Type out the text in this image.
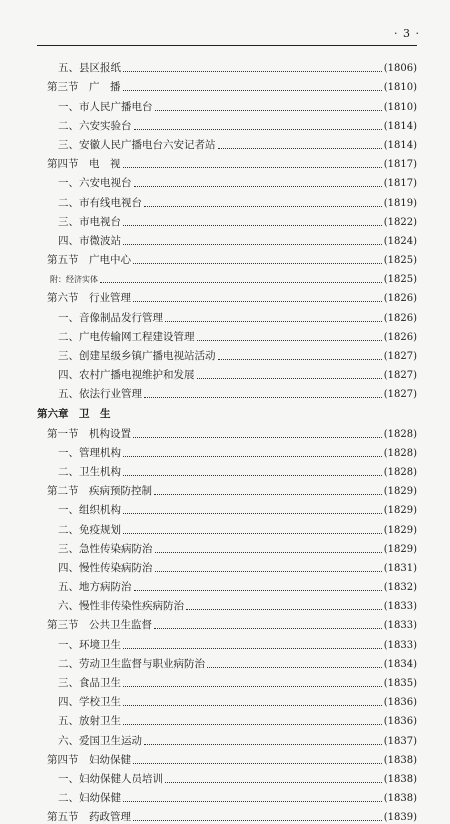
· 3 ·
五、县区报纸	(1806)
第三节　广　播	(1810)
一、市人民广播电台	(1810)
二、六安实验台	(1814)
三、安徽人民广播电台六安记者站	(1814)
第四节　电　视	(1817)
一、六安电视台	(1817)
二、市有线电视台	(1819)
三、市电视台	(1822)
四、市微波站	(1824)
第五节　广电中心	(1825)
附：经济实体	(1825)
第六节　行业管理	(1826)
一、音像制品发行管理	(1826)
二、广电传输网工程建设管理	(1826)
三、创建星级乡镇广播电视站活动	(1827)
四、农村广播电视维护和发展	(1827)
五、依法行业管理	(1827)
第六章　卫　生
第一节　机构设置	(1828)
一、管理机构	(1828)
二、卫生机构	(1828)
第二节　疾病预防控制	(1829)
一、组织机构	(1829)
二、免疫规划	(1829)
三、急性传染病防治	(1829)
四、慢性传染病防治	(1831)
五、地方病防治	(1832)
六、慢性非传染性疾病防治	(1833)
第三节　公共卫生监督	(1833)
一、环境卫生	(1833)
二、劳动卫生监督与职业病防治	(1834)
三、食品卫生	(1835)
四、学校卫生	(1836)
五、放射卫生	(1836)
六、爱国卫生运动	(1837)
第四节　妇幼保健	(1838)
一、妇幼保健人员培训	(1838)
二、妇幼保健	(1838)
第五节　药政管理	(1839)
